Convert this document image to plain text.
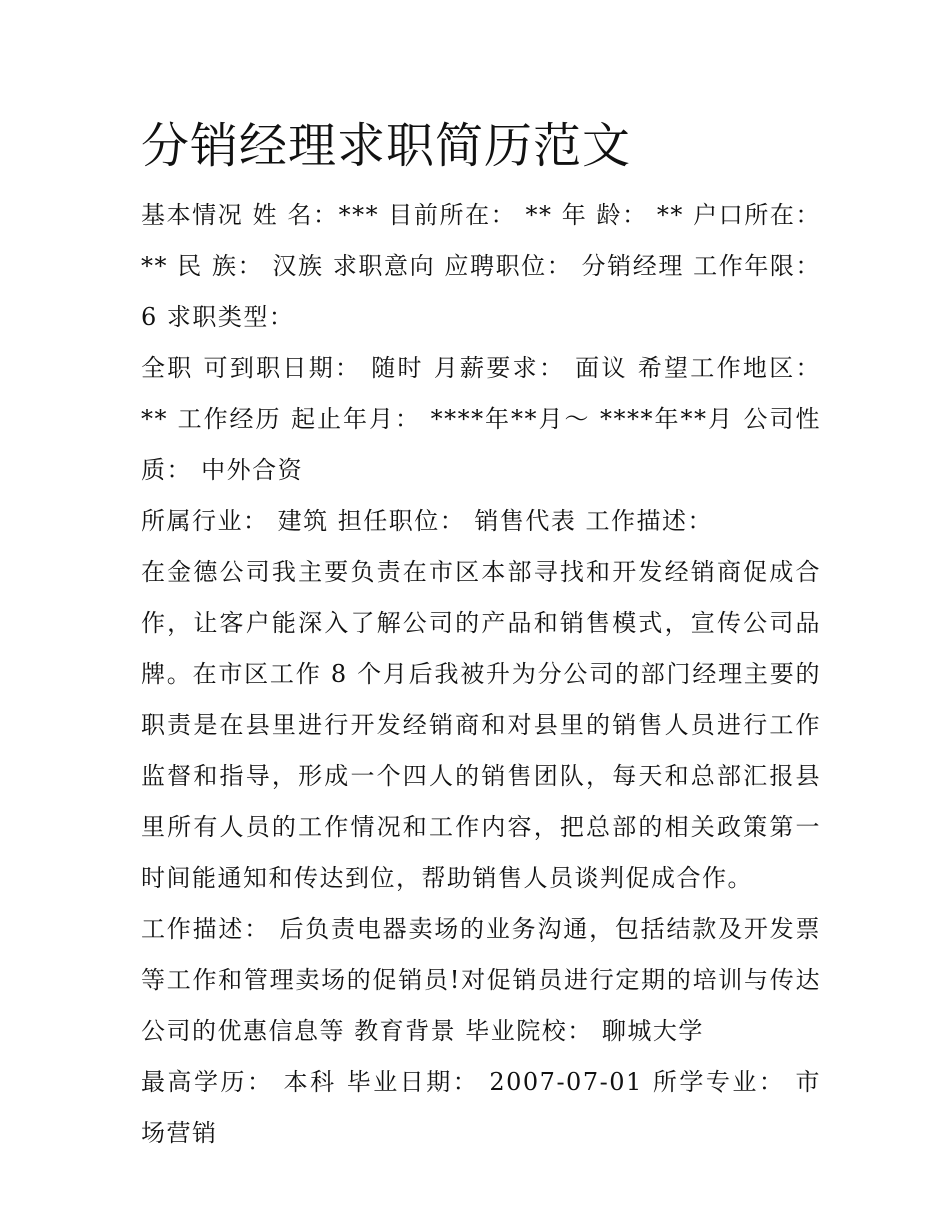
分销经理求职简历范文

基本情况 姓 名：*** 目前所在： ** 年 龄： ** 户口所在： ** 民 族： 汉族 求职意向 应聘职位： 分销经理 工作年限： 6 求职类型：

全职 可到职日期： 随时 月薪要求： 面议 希望工作地区： ** 工作经历 起止年月： ****年**月～ ****年**月 公司性质： 中外合资

所属行业： 建筑 担任职位： 销售代表 工作描述：

在金德公司我主要负责在市区本部寻找和开发经销商促成合作，让客户能深入了解公司的产品和销售模式，宣传公司品牌。在市区工作 8 个月后我被升为分公司的部门经理主要的职责是在县里进行开发经销商和对县里的销售人员进行工作监督和指导，形成一个四人的销售团队，每天和总部汇报县里所有人员的工作情况和工作内容，把总部的相关政策第一时间能通知和传达到位，帮助销售人员谈判促成合作。

工作描述： 后负责电器卖场的业务沟通，包括结款及开发票等工作和管理卖场的促销员!对促销员进行定期的培训与传达公司的优惠信息等 教育背景 毕业院校： 聊城大学

最高学历： 本科 毕业日期： 2007-07-01 所学专业： 市场营销
